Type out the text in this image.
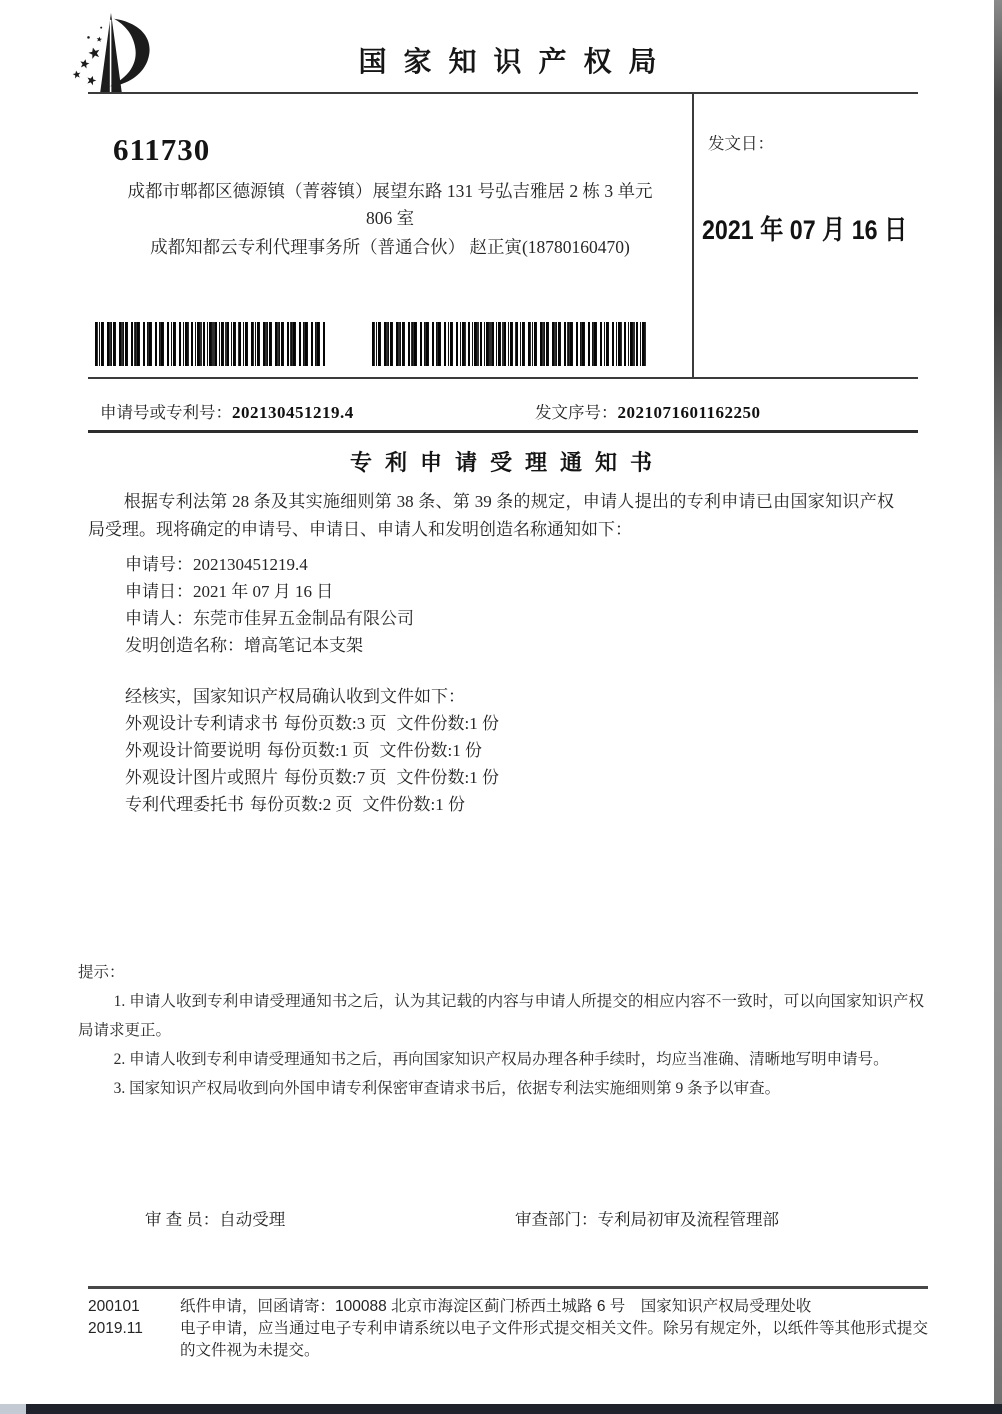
国家知识产权局
611730
成都市郫都区德源镇（菁蓉镇）展望东路 131 号弘吉雅居 2 栋 3 单元
806 室
成都知都云专利代理事务所（普通合伙） 赵正寅(18780160470)
发文日：
2021 年 07 月 16 日
申请号或专利号：202130451219.4	发文序号：2021071601162250
专利申请受理通知书

根据专利法第 28 条及其实施细则第 38 条、第 39 条的规定，申请人提出的专利申请已由国家知识产权局受理。现将确定的申请号、申请日、申请人和发明创造名称通知如下：

申请号：202130451219.4
申请日：2021 年 07 月 16 日
申请人：东莞市佳昇五金制品有限公司
发明创造名称：增高笔记本支架
经核实，国家知识产权局确认收到文件如下：
外观设计专利请求书 每份页数:3 页 文件份数:1 份
外观设计简要说明 每份页数:1 页 文件份数:1 份
外观设计图片或照片 每份页数:7 页 文件份数:1 份
专利代理委托书 每份页数:2 页 文件份数:1 份
提示：

1. 申请人收到专利申请受理通知书之后，认为其记载的内容与申请人所提交的相应内容不一致时，可以向国家知识产权局请求更正。

2. 申请人收到专利申请受理通知书之后，再向国家知识产权局办理各种手续时，均应当准确、清晰地写明申请号。

3. 国家知识产权局收到向外国申请专利保密审查请求书后，依据专利法实施细则第 9 条予以审查。

审 查 员：自动受理	审查部门：专利局初审及流程管理部
200101
2019.11
纸件申请，回函请寄：100088 北京市海淀区蓟门桥西土城路 6 号　国家知识产权局受理处收
电子申请，应当通过电子专利申请系统以电子文件形式提交相关文件。除另有规定外，以纸件等其他形式提交的文件视为未提交。
